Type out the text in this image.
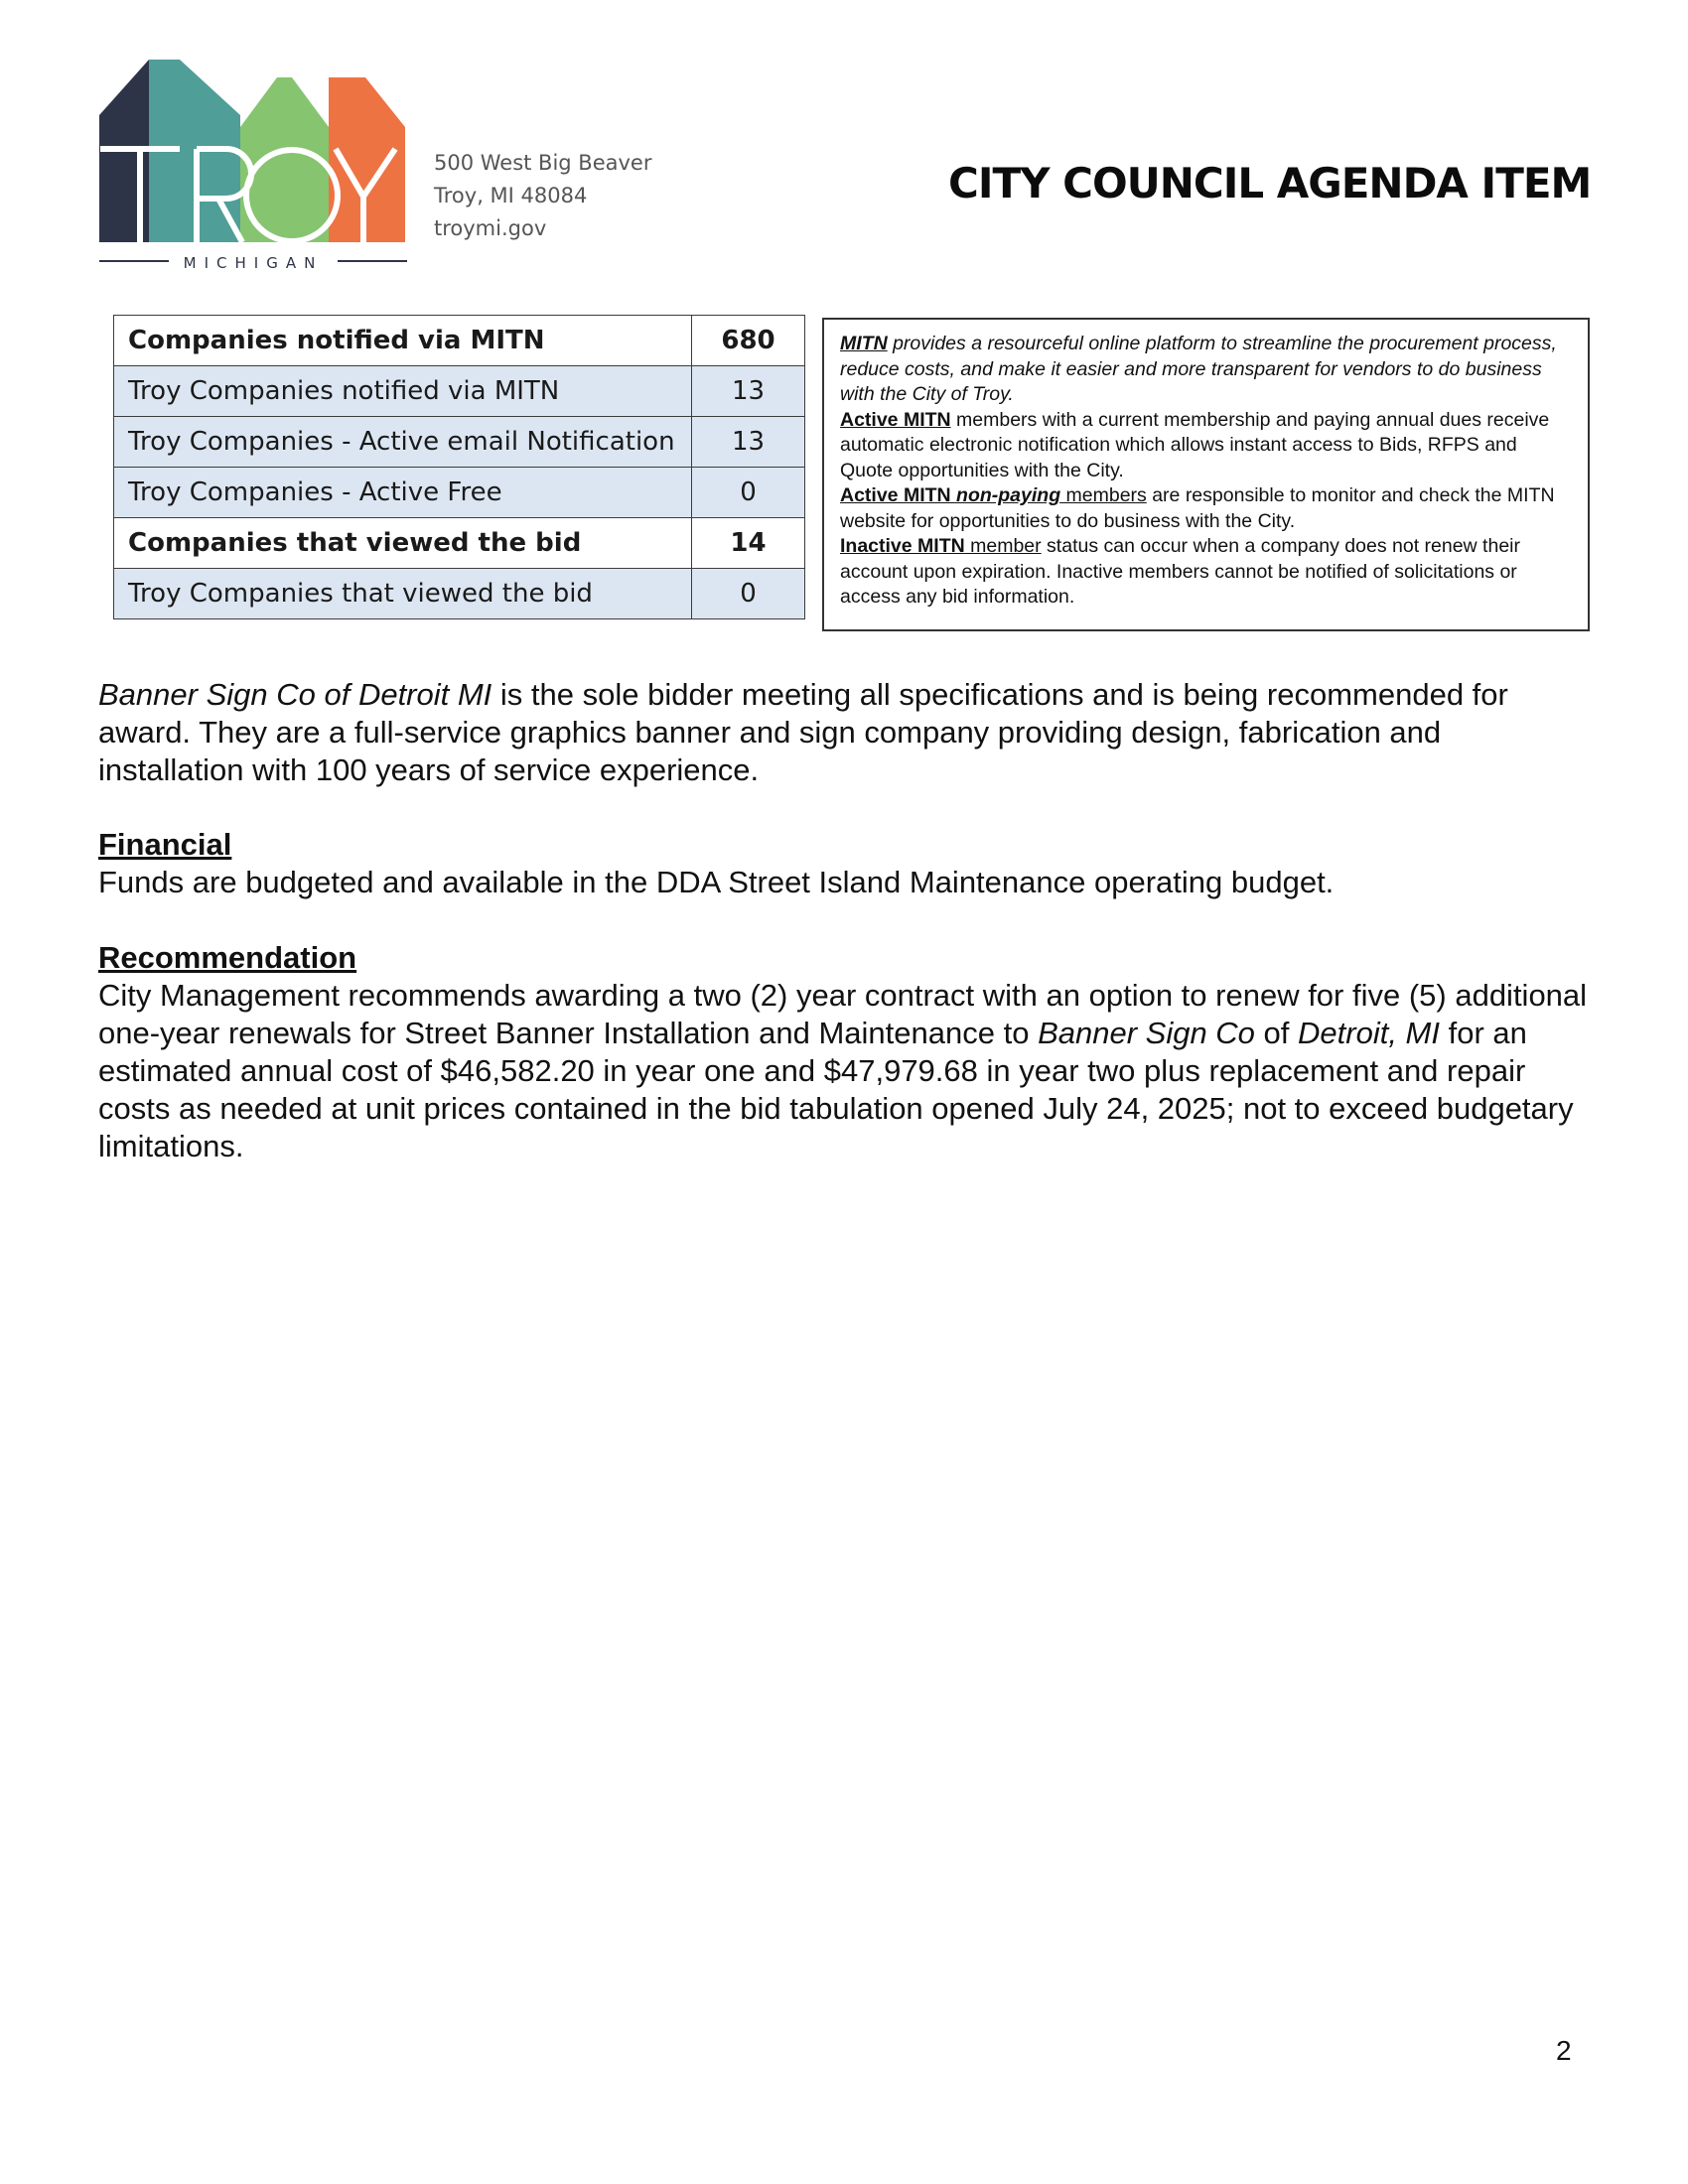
MICHIGAN
500 West Big Beaver
Troy, MI 48084
troymi.gov
CITY COUNCIL AGENDA ITEM
Companies notified via MITN	680
Troy Companies notified via MITN	13
Troy Companies - Active email Notification	13
Troy Companies - Active Free	0
Companies that viewed the bid	14
Troy Companies that viewed the bid	0

MITN provides a resourceful online platform to streamline the procurement process, reduce costs, and make it easier and more transparent for vendors to do business with the City of Troy.

Active MITN members with a current membership and paying annual dues receive automatic electronic notification which allows instant access to Bids, RFPS and Quote opportunities with the City.

Active MITN non-paying members are responsible to monitor and check the MITN website for opportunities to do business with the City.

Inactive MITN member status can occur when a company does not renew their account upon expiration. Inactive members cannot be notified of solicitations or access any bid information.

Banner Sign Co of Detroit MI is the sole bidder meeting all specifications and is being recommended for award. They are a full-service graphics banner and sign company providing design, fabrication and installation with 100 years of service experience.

Financial

Funds are budgeted and available in the DDA Street Island Maintenance operating budget.

Recommendation

City Management recommends awarding a two (2) year contract with an option to renew for five (5) additional one-year renewals for Street Banner Installation and Maintenance to Banner Sign Co of Detroit, MI for an estimated annual cost of $46,582.20 in year one and $47,979.68 in year two plus replacement and repair costs as needed at unit prices contained in the bid tabulation opened July 24, 2025; not to exceed budgetary limitations.

2
